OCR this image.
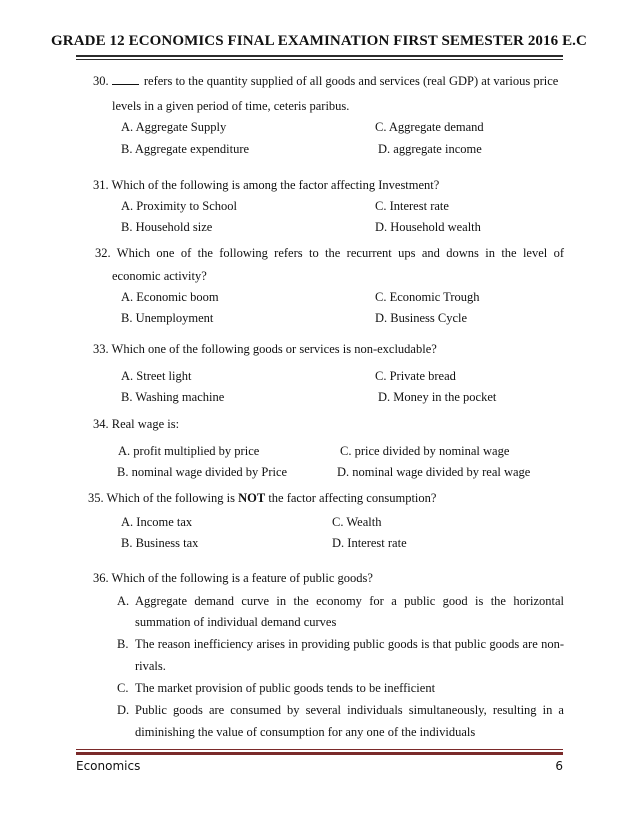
GRADE 12 ECONOMICS FINAL EXAMINATION FIRST SEMESTER 2016 E.C
30.	refers to the quantity supplied of all goods and services (real GDP) at various price
levels in a given period of time, ceteris paribus.
A. Aggregate Supply	C. Aggregate demand
B. Aggregate expenditure	D. aggregate income
31. Which of the following is among the factor affecting Investment?
A. Proximity to School	C. Interest rate
B. Household size	D. Household wealth
32. Which one of the following refers to the recurrent ups and downs in the level of
economic activity?
A. Economic boom	C. Economic Trough
B. Unemployment	D. Business Cycle
33. Which one of the following goods or services is non-excludable?
A. Street light	C. Private bread
B. Washing machine	D. Money in the pocket
34. Real wage is:
A. profit multiplied by price	C. price divided by nominal wage
B. nominal wage divided by Price	D. nominal wage divided by real wage
35. Which of the following is NOT the factor affecting consumption?
A. Income tax	C. Wealth
B. Business tax	D. Interest rate
36. Which of the following is a feature of public goods?
A. Aggregate demand curve in the economy for a public good is the horizontal
summation of individual demand curves
B. The reason inefficiency arises in providing public goods is that public goods are non-
rivals.
C. The market provision of public goods tends to be inefficient
D. Public goods are consumed by several individuals simultaneously, resulting in a
diminishing the value of consumption for any one of the individuals
Economics	6
